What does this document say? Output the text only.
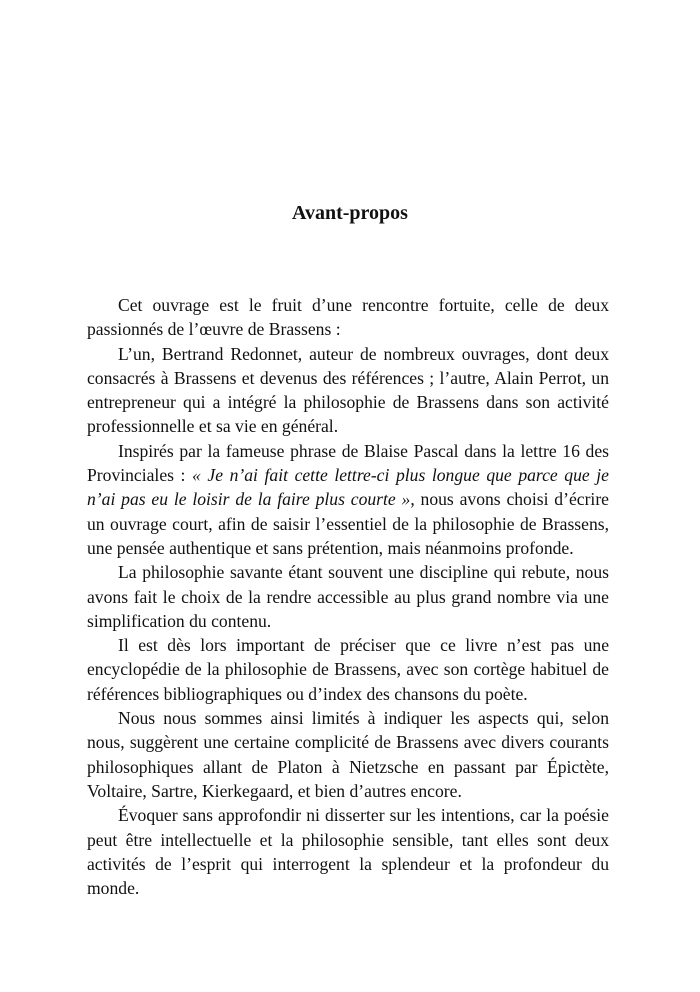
Avant-propos

Cet ouvrage est le fruit d’une rencontre fortuite, celle de deux passionnés de l’œuvre de Brassens :

L’un, Bertrand Redonnet, auteur de nombreux ouvrages, dont deux consacrés à Brassens et devenus des références ; l’autre, Alain Perrot, un entrepreneur qui a intégré la philosophie de Brassens dans son activité professionnelle et sa vie en général.

Inspirés par la fameuse phrase de Blaise Pascal dans la lettre 16 des Provinciales : « Je n’ai fait cette lettre-ci plus longue que parce que je n’ai pas eu le loisir de la faire plus courte », nous avons choisi d’écrire un ouvrage court, afin de saisir l’essentiel de la philosophie de Brassens, une pensée authentique et sans prétention, mais néanmoins profonde.

La philosophie savante étant souvent une discipline qui rebute, nous avons fait le choix de la rendre accessible au plus grand nombre via une simplification du contenu.

Il est dès lors important de préciser que ce livre n’est pas une encyclopédie de la philosophie de Brassens, avec son cortège habituel de références bibliographiques ou d’index des chansons du poète.

Nous nous sommes ainsi limités à indiquer les aspects qui, selon nous, suggèrent une certaine complicité de Brassens avec divers courants philosophiques allant de Platon à Nietzsche en passant par Épictète, Voltaire, Sartre, Kierkegaard, et bien d’autres encore.

Évoquer sans approfondir ni disserter sur les intentions, car la poésie peut être intellectuelle et la philosophie sensible, tant elles sont deux activités de l’esprit qui interrogent la splendeur et la profondeur du monde.
